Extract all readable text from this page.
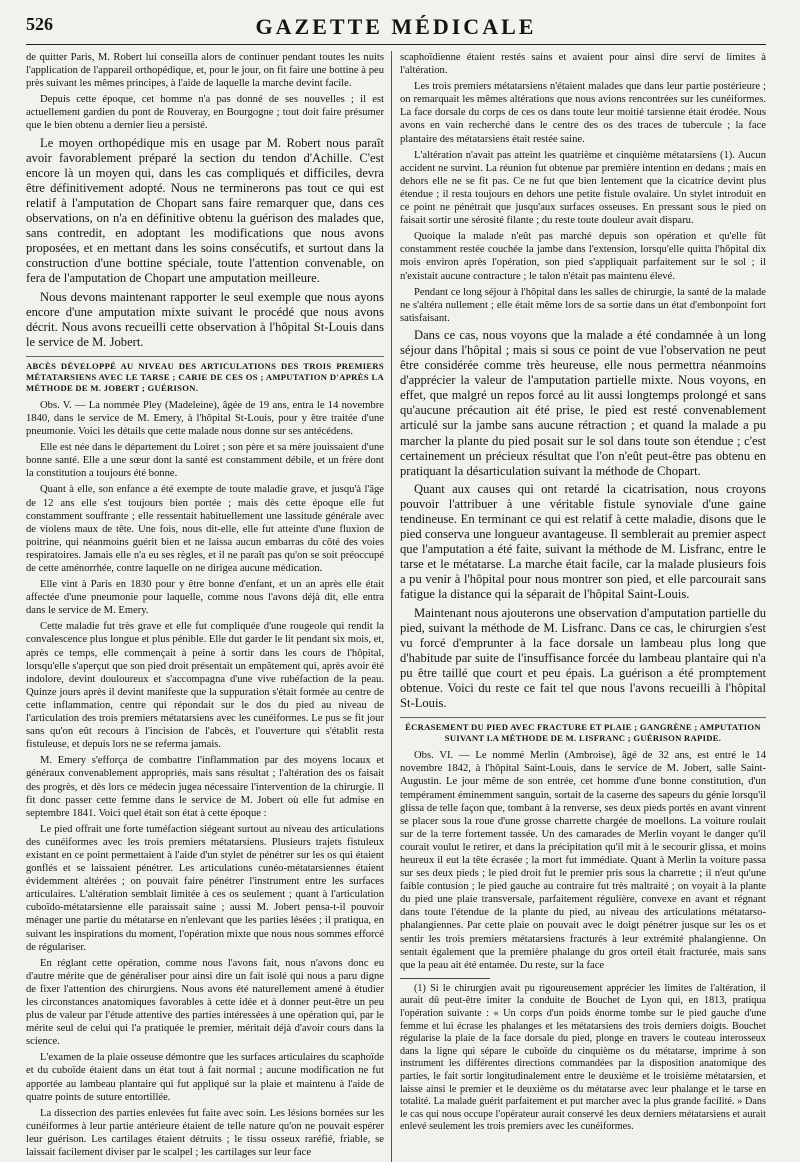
526	GAZETTE MÉDICALE

de quitter Paris, M. Robert lui conseilla alors de continuer pendant toutes les nuits l'application de l'appareil orthopédique, et, pour le jour, on fit faire une bottine à peu près suivant les mêmes principes, à l'aide de laquelle la marche devint facile.

Depuis cette époque, cet homme n'a pas donné de ses nouvelles ; il est actuellement gardien du pont de Rouveray, en Bourgogne ; tout doit faire présumer que le bien obtenu a dernier lieu a persisté.

Le moyen orthopédique mis en usage par M. Robert nous paraît avoir favorablement préparé la section du tendon d'Achille. C'est encore là un moyen qui, dans les cas compliqués et difficiles, devra être définitivement adopté. Nous ne terminerons pas tout ce qui est relatif à l'amputation de Chopart sans faire remarquer que, dans ces observations, on n'a en définitive obtenu la guérison des malades que, sans contredit, en adoptant les modifications que nous avons proposées, et en mettant dans les soins consécutifs, et surtout dans la construction d'une bottine spéciale, toute l'attention convenable, on fera de l'amputation de Chopart une amputation meilleure.

Nous devons maintenant rapporter le seul exemple que nous ayons encore d'une amputation mixte suivant le procédé que nous avons décrit. Nous avons recueilli cette observation à l'hôpital St-Louis dans le service de M. Jobert.

ABCÈS DÉVELOPPÉ AU NIVEAU DES ARTICULATIONS DES TROIS PREMIERS MÉTATARSIENS AVEC LE TARSE ; CARIE DE CES OS ; AMPUTATION D'APRÈS LA MÉTHODE DE M. JOBERT ; GUÉRISON.

Obs. V. — La nommée Pley (Madeleine), âgée de 19 ans, entra le 14 novembre 1840, dans le service de M. Emery, à l'hôpital St-Louis, pour y être traitée d'une pneumonie. Voici les détails que cette malade nous donne sur ses antécédens.

Elle est née dans le département du Loiret ; son père et sa mère jouissaient d'une bonne santé. Elle a une sœur dont la santé est constamment débile, et un frère dont la constitution a toujours été bonne.

Quant à elle, son enfance a été exempte de toute maladie grave, et jusqu'à l'âge de 12 ans elle s'est toujours bien portée ; mais dès cette époque elle fut constamment souffrante ; elle ressentait habituellement une lassitude générale avec de violens maux de tête. Une fois, nous dit-elle, elle fut atteinte d'une fluxion de poitrine, qui néanmoins guérit bien et ne laissa aucun embarras du côté des voies respiratoires. Jamais elle n'a eu ses règles, et il ne paraît pas qu'on se soit préoccupé de cette aménorrhée, contre laquelle on ne dirigea aucune médication.

Elle vint à Paris en 1830 pour y être bonne d'enfant, et un an après elle était affectée d'une pneumonie pour laquelle, comme nous l'avons déjà dit, elle entra dans le service de M. Emery.

Cette maladie fut très grave et elle fut compliquée d'une rougeole qui rendit la convalescence plus longue et plus pénible. Elle dut garder le lit pendant six mois, et, après ce temps, elle commençait à peine à sortir dans les cours de l'hôpital, lorsqu'elle s'aperçut que son pied droit présentait un empâtement qui, après avoir été indolore, devint douloureux et s'accompagna d'une vive rubéfaction de la peau. Quinze jours après il devint manifeste que la suppuration s'était formée au centre de cette inflammation, centre qui répondait sur le dos du pied au niveau de l'articulation des trois premiers métatarsiens avec les cunéiformes. Le pus se fit jour sans qu'on eût recours à l'incision de l'abcès, et l'ouverture qui s'établit resta fistuleuse, et depuis lors ne se referma jamais.

M. Emery s'efforça de combattre l'inflammation par des moyens locaux et généraux convenablement appropriés, mais sans résultat ; l'altération des os faisait des progrès, et dès lors ce médecin jugea nécessaire l'intervention de la chirurgie. Il fit donc passer cette femme dans le service de M. Jobert où elle fut admise en septembre 1841. Voici quel était son état à cette époque :

Le pied offrait une forte tuméfaction siégeant surtout au niveau des articulations des cunéiformes avec les trois premiers métatarsiens. Plusieurs trajets fistuleux existant en ce point permettaient à l'aide d'un stylet de pénétrer sur les os qui étaient gonflés et se laissaient pénétrer. Les articulations cunéo-métatarsiennes étaient évidemment altérées ; on pouvait faire pénétrer l'instrument entre les surfaces articulaires. L'altération semblait limitée à ces os seulement ; quant à l'articulation cuboïdo-métatarsienne elle paraissait saine ; aussi M. Jobert pensa-t-il pouvoir ménager une partie du métatarse en n'enlevant que les parties lésées ; il pratiqua, en suivant les inspirations du moment, l'opération mixte que nous nous sommes efforcé de régulariser.

En réglant cette opération, comme nous l'avons fait, nous n'avons donc eu d'autre mérite que de généraliser pour ainsi dire un fait isolé qui nous a paru digne de fixer l'attention des chirurgiens. Nous avons été naturellement amené à étudier les circonstances anatomiques favorables à cette idée et à donner peut-être un peu plus de valeur par l'étude attentive des parties intéressées à une opération qui, par le mérite seul de celui qui l'a pratiquée le premier, méritait déjà d'avoir cours dans la science.

L'examen de la plaie osseuse démontre que les surfaces articulaires du scaphoïde et du cuboïde étaient dans un état tout à fait normal ; aucune modification ne fut apportée au lambeau plantaire qui fut appliqué sur la plaie et maintenu à l'aide de quatre points de suture entortillée.

La dissection des parties enlevées fut faite avec soin. Les lésions bornées sur les cunéiformes à leur partie antérieure étaient de telle nature qu'on ne pouvait espérer leur guérison. Les cartilages étaient détruits ; le tissu osseux raréfié, friable, se laissait facilement diviser par le scalpel ; les cartilages sur leur face

scaphoïdienne étaient restés sains et avaient pour ainsi dire servi de limites à l'altération.

Les trois premiers métatarsiens n'étaient malades que dans leur partie postérieure ; on remarquait les mêmes altérations que nous avions rencontrées sur les cunéiformes. La face dorsale du corps de ces os dans toute leur moitié tarsienne était érodée. Nous avons en vain recherché dans le centre des os des traces de tubercule ; la face plantaire des métatarsiens était restée saine.

L'altération n'avait pas atteint les quatrième et cinquième métatarsiens (1). Aucun accident ne survint. La réunion fut obtenue par première intention en dedans ; mais en dehors elle ne se fit pas. Ce ne fut que bien lentement que la cicatrice devint plus étendue ; il resta toujours en dehors une petite fistule ovalaire. Un stylet introduit en ce point ne pénétrait que jusqu'aux surfaces osseuses. En pressant sous le pied on faisait sortir une sérosité filante ; du reste toute douleur avait disparu.

Quoique la malade n'eût pas marché depuis son opération et qu'elle fût constamment restée couchée la jambe dans l'extension, lorsqu'elle quitta l'hôpital dix mois environ après l'opération, son pied s'appliquait parfaitement sur le sol ; il n'existait aucune contracture ; le talon n'était pas maintenu élevé.

Pendant ce long séjour à l'hôpital dans les salles de chirurgie, la santé de la malade ne s'altéra nullement ; elle était même lors de sa sortie dans un état d'embonpoint fort satisfaisant.

Dans ce cas, nous voyons que la malade a été condamnée à un long séjour dans l'hôpital ; mais si sous ce point de vue l'observation ne peut être considérée comme très heureuse, elle nous permettra néanmoins d'apprécier la valeur de l'amputation partielle mixte. Nous voyons, en effet, que malgré un repos forcé au lit aussi longtemps prolongé et sans qu'aucune précaution ait été prise, le pied est resté convenablement articulé sur la jambe sans aucune rétraction ; et quand la malade a pu marcher la plante du pied posait sur le sol dans toute son étendue ; c'est certainement un précieux résultat que l'on n'eût peut-être pas obtenu en pratiquant la désarticulation suivant la méthode de Chopart.

Quant aux causes qui ont retardé la cicatrisation, nous croyons pouvoir l'attribuer à une véritable fistule synoviale d'une gaine tendineuse. En terminant ce qui est relatif à cette maladie, disons que le pied conserva une longueur avantageuse. Il semblerait au premier aspect que l'amputation a été faite, suivant la méthode de M. Lisfranc, entre le tarse et le métatarse. La marche était facile, car la malade plusieurs fois a pu venir à l'hôpital pour nous montrer son pied, et elle parcourait sans fatigue la distance qui la séparait de l'hôpital Saint-Louis.

Maintenant nous ajouterons une observation d'amputation partielle du pied, suivant la méthode de M. Lisfranc. Dans ce cas, le chirurgien s'est vu forcé d'emprunter à la face dorsale un lambeau plus long que d'habitude par suite de l'insuffisance forcée du lambeau plantaire qui n'a pu être taillé que court et peu épais. La guérison a été promptement obtenue. Voici du reste ce fait tel que nous l'avons recueilli à l'hôpital St-Louis.

ÉCRASEMENT DU PIED AVEC FRACTURE ET PLAIE ; GANGRÈNE ; AMPUTATION SUIVANT LA MÉTHODE DE M. LISFRANC ; GUÉRISON RAPIDE.

Obs. VI. — Le nommé Merlin (Ambroise), âgé de 32 ans, est entré le 14 novembre 1842, à l'hôpital Saint-Louis, dans le service de M. Jobert, salle Saint-Augustin. Le jour même de son entrée, cet homme d'une bonne constitution, d'un tempérament éminemment sanguin, sortait de la caserne des sapeurs du génie lorsqu'il glissa de telle façon que, tombant à la renverse, ses deux pieds portés en avant vinrent se placer sous la roue d'une grosse charrette chargée de moellons. La voiture roulait sur de la terre fortement tassée. Un des camarades de Merlin voyant le danger qu'il courait voulut le retirer, et dans la précipitation qu'il mit à le secourir glissa, et moins heureux il eut la tête écrasée ; la mort fut immédiate. Quant à Merlin la voiture passa sur ses deux pieds ; le pied droit fut le premier pris sous la charrette ; il n'eut qu'une faible contusion ; le pied gauche au contraire fut très maltraité ; on voyait à la plante du pied une plaie transversale, parfaitement régulière, convexe en avant et régnant dans toute l'étendue de la plante du pied, au niveau des articulations métatarso-phalangiennes. Par cette plaie on pouvait avec le doigt pénétrer jusque sur les os et sentir les trois premiers métatarsiens fracturés à leur extrémité phalangienne. On sentait également que la première phalange du gros orteil était fracturée, mais sans que la peau ait été entamée. Du reste, sur la face

(1) Si le chirurgien avait pu rigoureusement apprécier les limites de l'altération, il aurait dû peut-être imiter la conduite de Bouchet de Lyon qui, en 1813, pratiqua l'opération suivante : « Un corps d'un poids énorme tombe sur le pied gauche d'une femme et lui écrase les phalanges et les métatarsiens des trois derniers doigts. Bouchet régularise la plaie de la face dorsale du pied, plonge en travers le couteau interosseux dans la ligne qui sépare le cuboïde du cinquième os du métatarse, imprime à son instrument les différentes directions commandées par la disposition anatomique des parties, le fait sortir longitudinalement entre le deuxième et le troisième métatarsien, et laisse ainsi le premier et le deuxième os du métatarse avec leur phalange et le tarse en totalité. La malade guérit parfaitement et put marcher avec la plus grande facilité. » Dans le cas qui nous occupe l'opérateur aurait conservé les deux derniers métatarsiens et aurait enlevé seulement les trois premiers avec les cunéiformes.
